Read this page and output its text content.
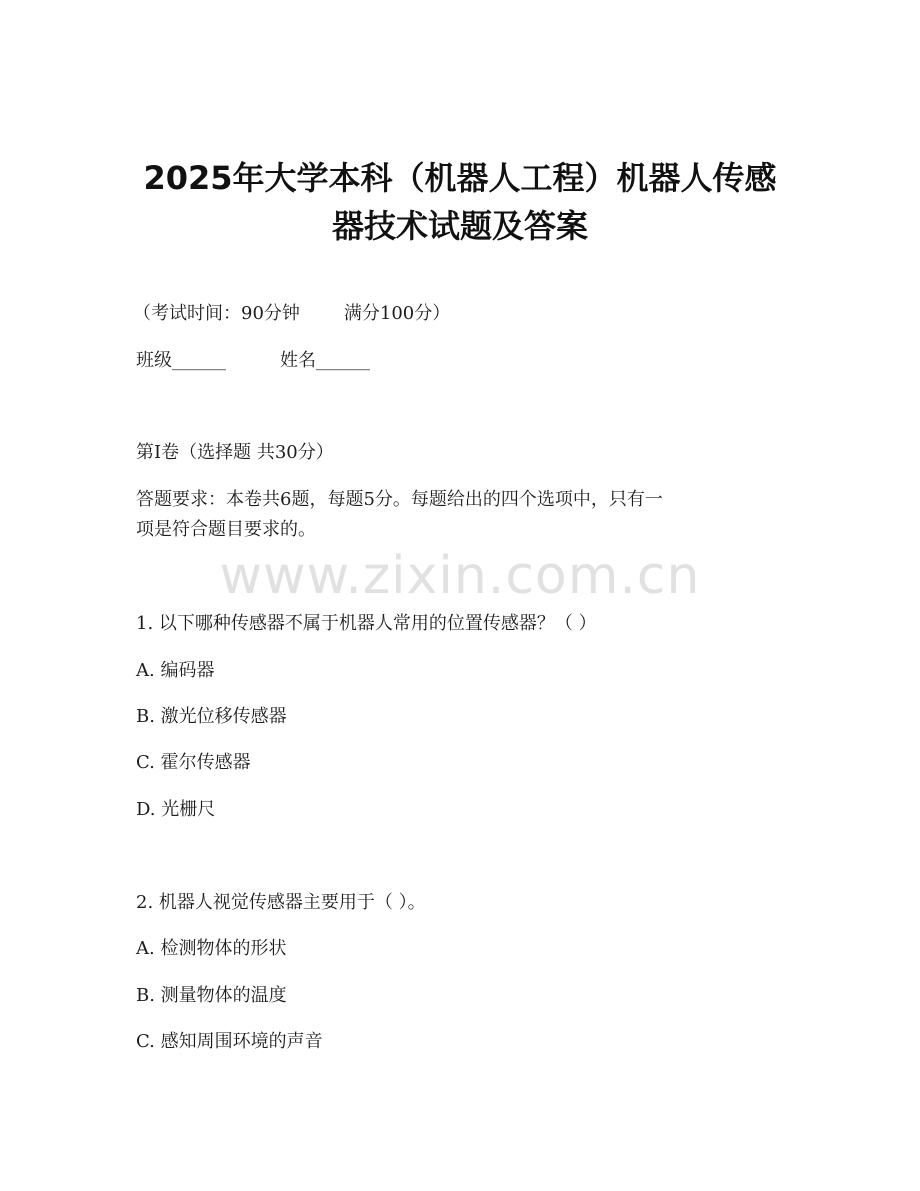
2025年大学本科（机器人工程）机器人传感
器技术试题及答案
（考试时间：90分钟 满分100分）
班级______	姓名______
第I卷（选择题 共30分）
答题要求：本卷共6题，每题5分。每题给出的四个选项中，只有一
项是符合题目要求的。
www.zixin.com.cn
1. 以下哪种传感器不属于机器人常用的位置传感器？（ ）
A. 编码器
B. 激光位移传感器
C. 霍尔传感器
D. 光栅尺
2. 机器人视觉传感器主要用于（ ）。
A. 检测物体的形状
B. 测量物体的温度
C. 感知周围环境的声音
